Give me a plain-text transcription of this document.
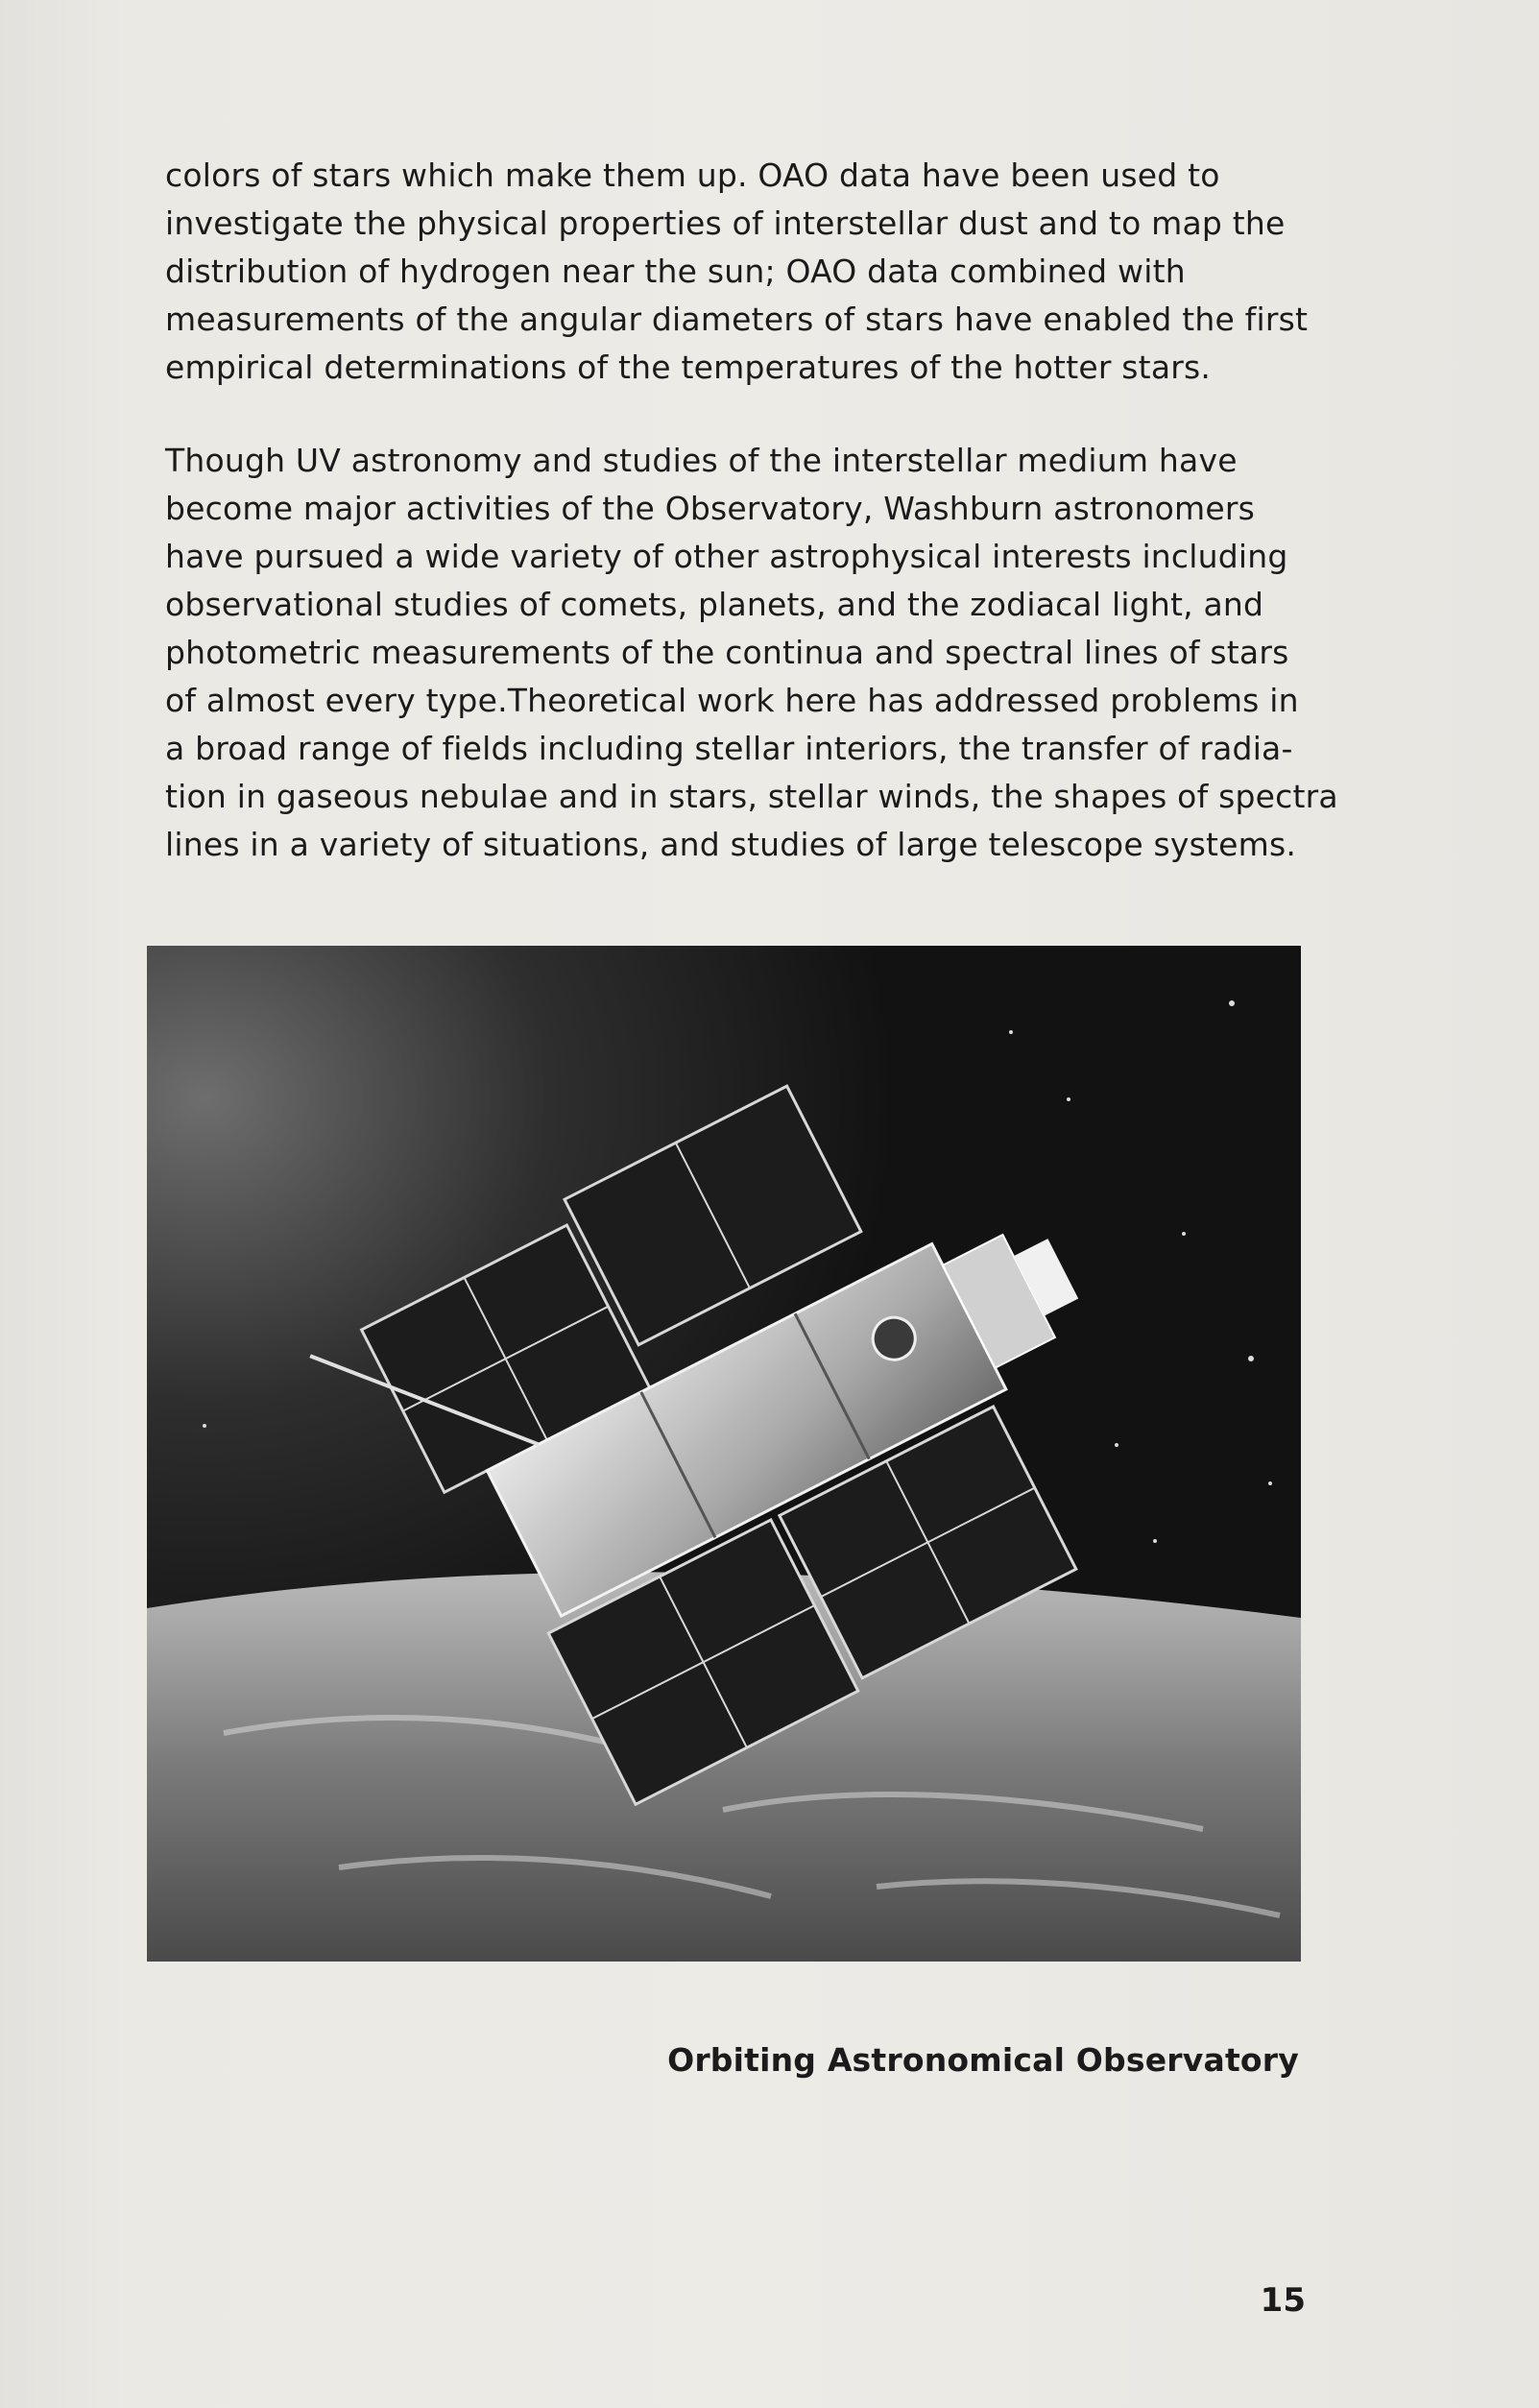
colors of stars which make them up. OAO data have been used to
investigate the physical properties of interstellar dust and to map the
distribution of hydrogen near the sun; OAO data combined with
measurements of the angular diameters of stars have enabled the first
empirical determinations of the temperatures of the hotter stars.

Though UV astronomy and studies of the interstellar medium have
become major activities of the Observatory, Washburn astronomers
have pursued a wide variety of other astrophysical interests including
observational studies of comets, planets, and the zodiacal light, and
photometric measurements of the continua and spectral lines of stars
of almost every type.Theoretical work here has addressed problems in
a broad range of fields including stellar interiors, the transfer of radia-
tion in gaseous nebulae and in stars, stellar winds, the shapes of spectra
lines in a variety of situations, and studies of large telescope systems.

Orbiting Astronomical Observatory
15
